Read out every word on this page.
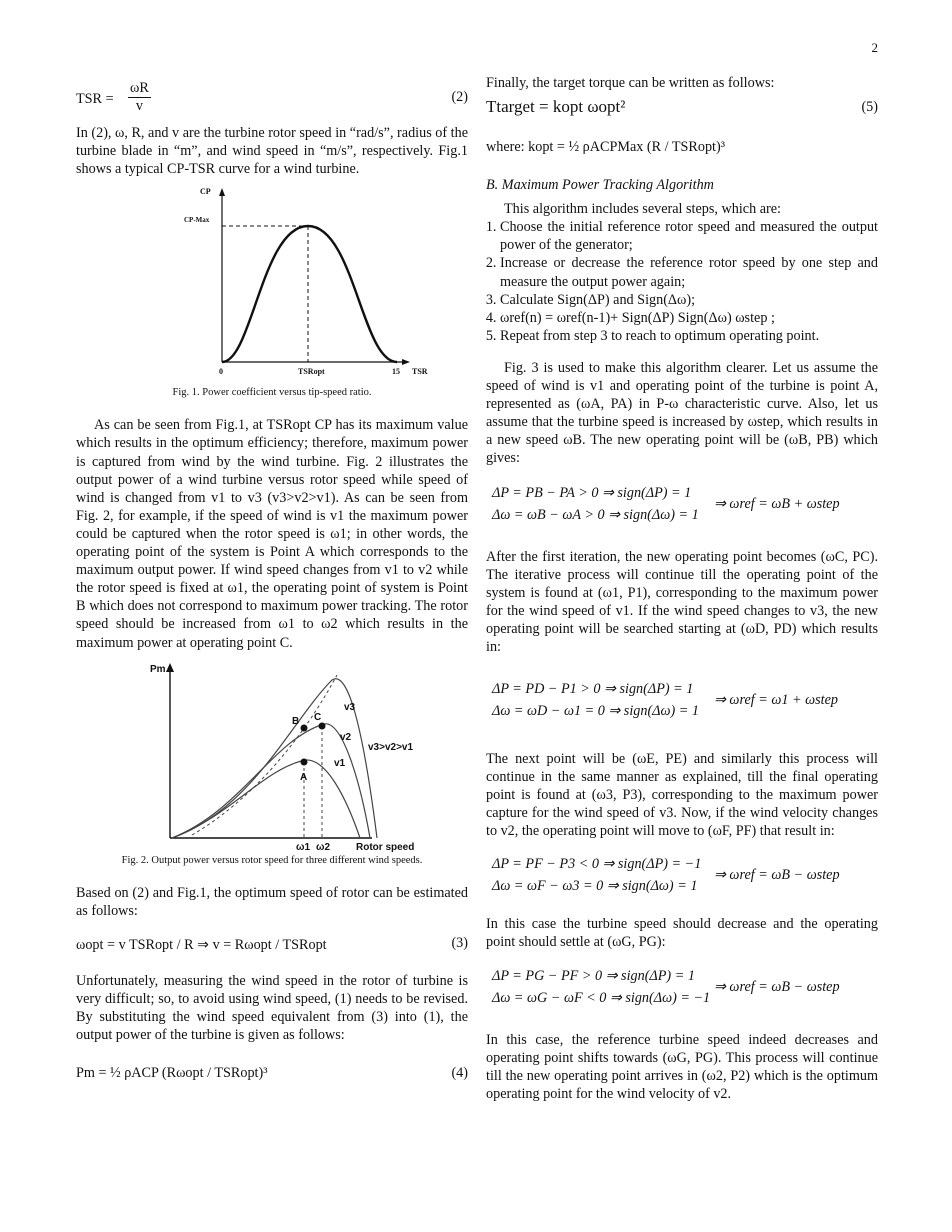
2
TSR = $\frac{\omega R}{v}$	(2)

In (2), ω, R, and v are the turbine rotor speed in “rad/s”, radius of the turbine blade in “m”, and wind speed in “m/s”, respectively. Fig.1 shows a typical CP-TSR curve for a wind turbine.

CP
CP-Max
0	TSRopt	15 TSR
Fig. 1. Power coefficient versus tip-speed ratio.

As can be seen from Fig.1, at TSRopt CP has its maximum value which results in the optimum efficiency; therefore, maximum power is captured from wind by the wind turbine. Fig. 2 illustrates the output power of a wind turbine versus rotor speed while speed of wind is changed from v1 to v3 (v3>v2>v1). As can be seen from Fig. 2, for example, if the speed of wind is v1 the maximum power could be captured when the rotor speed is ω1; in other words, the operating point of the system is Point A which corresponds to the maximum output power. If wind speed changes from v1 to v2 while the rotor speed is fixed at ω1, the operating point of system is Point B which does not correspond to maximum power tracking. The rotor speed should be increased from ω1 to ω2 which results in the maximum power at operating point C.

Pm
v3
v2
v1
v3>v2>v1
A
B C
ω1 ω2	Rotor speed
Fig. 2. Output power versus rotor speed for three different wind speeds.

Based on (2) and Fig.1, the optimum speed of rotor can be estimated as follows:

ωopt = v TSRopt / R ⇒ v = Rωopt / TSRopt	(3)

Unfortunately, measuring the wind speed in the rotor of turbine is very difficult; so, to avoid using wind speed, (1) needs to be revised. By substituting the wind speed equivalent from (3) into (1), the output power of the turbine is given as follows:

Pm = ½ ρACP (Rωopt / TSRopt)³	(4)

Finally, the target torque can be written as follows:

Ttarget = kopt ωopt²	(5)
where: kopt = ½ ρACPMax (R / TSRopt)³
B. Maximum Power Tracking Algorithm

This algorithm includes several steps, which are:

1. Choose the initial reference rotor speed and measured the output power of the generator;
2. Increase or decrease the reference rotor speed by one step and measure the output power again;
3. Calculate Sign(ΔP) and Sign(Δω);
4. ωref(n) = ωref(n-1)+ Sign(ΔP) Sign(Δω) ωstep ;
5. Repeat from step 3 to reach to optimum operating point.

Fig. 3 is used to make this algorithm clearer. Let us assume the speed of wind is v1 and operating point of the turbine is point A, represented as (ωA, PA) in P-ω characteristic curve. Also, let us assume that the turbine speed is increased by ωstep, which results in a new speed ωB. The new operating point will be (ωB, PB) which gives:

ΔP = PB − PA > 0 ⇒ sign(ΔP) = 1
Δω = ωB − ωA > 0 ⇒ sign(Δω) = 1
⇒ ωref = ωB + ωstep

After the first iteration, the new operating point becomes (ωC, PC). The iterative process will continue till the operating point of the system is found at (ω1, P1), corresponding to the maximum power for the wind speed of v1. If the wind speed changes to v3, the new operating point will be searched starting at (ωD, PD) which results in:

ΔP = PD − P1 > 0 ⇒ sign(ΔP) = 1
Δω = ωD − ω1 = 0 ⇒ sign(Δω) = 1
⇒ ωref = ω1 + ωstep

The next point will be (ωE, PE) and similarly this process will continue in the same manner as explained, till the final operating point is found at (ω3, P3), corresponding to the maximum power capture for the wind speed of v3. Now, if the wind velocity changes to v2, the operating point will move to (ωF, PF) that result in:

ΔP = PF − P3 < 0 ⇒ sign(ΔP) = −1
Δω = ωF − ω3 = 0 ⇒ sign(Δω) = 1
⇒ ωref = ωB − ωstep

In this case the turbine speed should decrease and the operating point should settle at (ωG, PG):

ΔP = PG − PF > 0 ⇒ sign(ΔP) = 1
Δω = ωG − ωF < 0 ⇒ sign(Δω) = −1
⇒ ωref = ωB − ωstep

In this case, the reference turbine speed indeed decreases and operating point shifts towards (ωG, PG). This process will continue till the new operating point arrives in (ω2, P2) which is the optimum operating point for the wind velocity of v2.
